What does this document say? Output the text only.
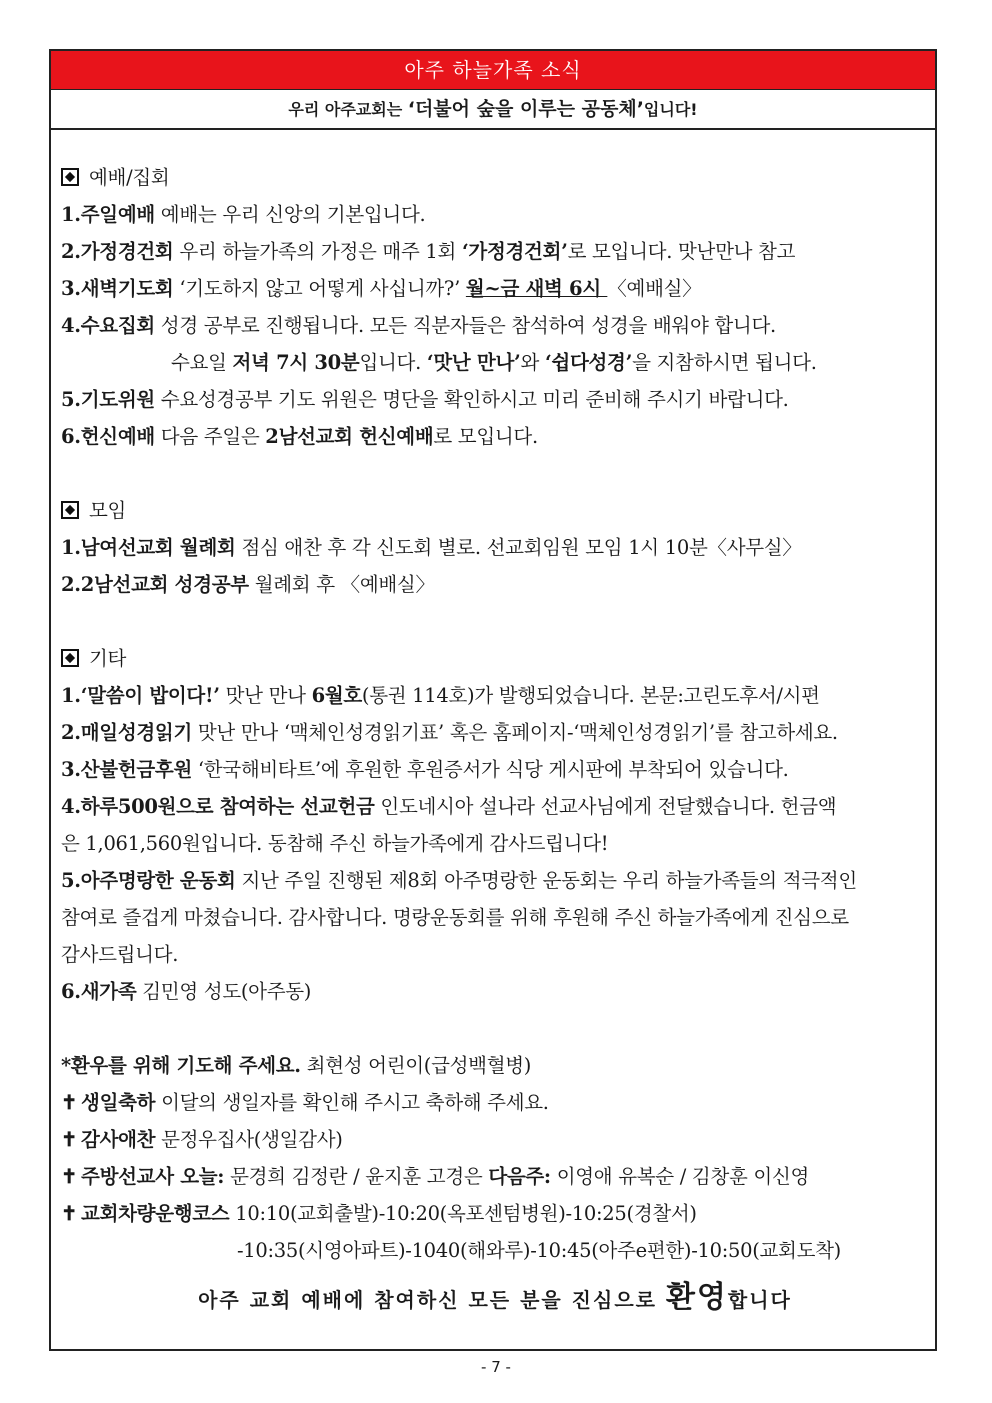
아주 하늘가족 소식
우리 아주교회는 ‘더불어 숲을 이루는 공동체’입니다!
예배/집회
1.주일예배 예배는 우리 신앙의 기본입니다.
2.가정경건회 우리 하늘가족의 가정은 매주 1회 ‘가정경건회’로 모입니다. 맛난만나 참고
3.새벽기도회 ‘기도하지 않고 어떻게 사십니까?’ 월~금 새벽 6시 〈예배실〉
4.수요집회 성경 공부로 진행됩니다. 모든 직분자들은 참석하여 성경을 배워야 합니다.
수요일 저녁 7시 30분입니다. ‘맛난 만나’와 ‘쉽다성경’을 지참하시면 됩니다.
5.기도위원 수요성경공부 기도 위원은 명단을 확인하시고 미리 준비해 주시기 바랍니다.
6.헌신예배 다음 주일은 2남선교회 헌신예배로 모입니다.
모임
1.남여선교회 월례회 점심 애찬 후 각 신도회 별로. 선교회임원 모임 1시 10분〈사무실〉
2.2남선교회 성경공부 월례회 후 〈예배실〉
기타
1.‘말씀이 밥이다!’ 맛난 만나 6월호(통권 114호)가 발행되었습니다. 본문:고린도후서/시편
2.매일성경읽기 맛난 만나 ‘맥체인성경읽기표’ 혹은 홈페이지-‘맥체인성경읽기’를 참고하세요.
3.산불헌금후원 ‘한국해비타트’에 후원한 후원증서가 식당 게시판에 부착되어 있습니다.
4.하루500원으로 참여하는 선교헌금 인도네시아 설나라 선교사님에게 전달했습니다. 헌금액
은 1,061,560원입니다. 동참해 주신 하늘가족에게 감사드립니다!
5.아주명랑한 운동회 지난 주일 진행된 제8회 아주명랑한 운동회는 우리 하늘가족들의 적극적인
참여로 즐겁게 마쳤습니다. 감사합니다. 명랑운동회를 위해 후원해 주신 하늘가족에게 진심으로
감사드립니다.
6.새가족 김민영 성도(아주동)
*환우를 위해 기도해 주세요. 최현성 어린이(급성백혈병)
✝ 생일축하 이달의 생일자를 확인해 주시고 축하해 주세요.
✝ 감사애찬 문정우집사(생일감사)
✝ 주방선교사 오늘: 문경희 김정란 / 윤지훈 고경은 다음주: 이영애 유복순 / 김창훈 이신영
✝ 교회차량운행코스 10:10(교회출발)-10:20(옥포센텀병원)-10:25(경찰서)
-10:35(시영아파트)-1040(해와루)-10:45(아주e편한)-10:50(교회도착)
아주 교회 예배에 참여하신 모든 분을 진심으로 환영합니다
- 7 -
